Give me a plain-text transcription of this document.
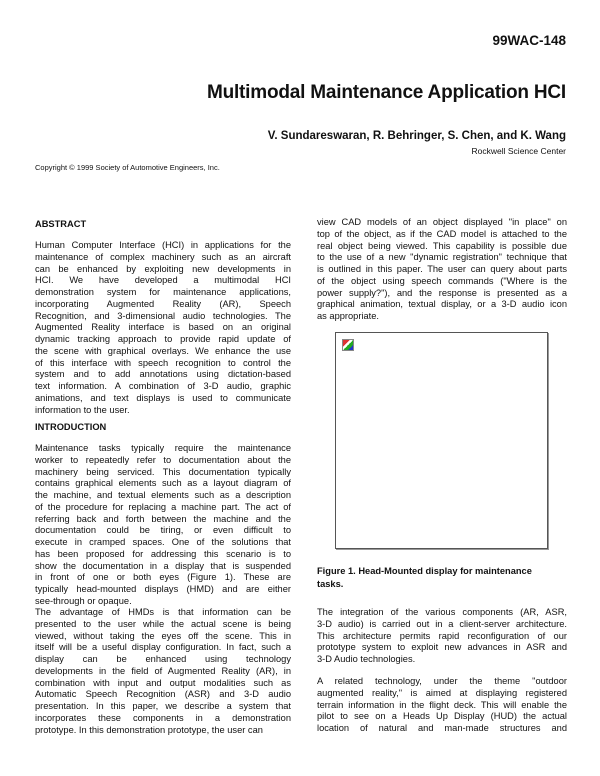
99WAC-148
Multimodal Maintenance Application HCI
V. Sundareswaran, R. Behringer, S. Chen, and K. Wang
Rockwell Science Center
Copyright © 1999 Society of Automotive Engineers, Inc.
ABSTRACT
Human Computer Interface (HCI) in applications for the
maintenance of complex machinery such as an aircraft
can be enhanced by exploiting new developments in
HCI. We have developed a multimodal HCI
demonstration system for maintenance applications,
incorporating Augmented Reality (AR), Speech
Recognition, and 3-dimensional audio technologies. The
Augmented Reality interface is based on an original
dynamic tracking approach to provide rapid update of
the scene with graphical overlays. We enhance the use
of this interface with speech recognition to control the
system and to add annotations using dictation-based
text information. A combination of 3-D audio, graphic
animations, and text displays is used to communicate
information to the user.
INTRODUCTION
Maintenance tasks typically require the maintenance
worker to repeatedly refer to documentation about the
machinery being serviced. This documentation typically
contains graphical elements such as a layout diagram of
the machine, and textual elements such as a description
of the procedure for replacing a machine part. The act of
referring back and forth between the machine and the
documentation could be tiring, or even difficult to
execute in cramped spaces. One of the solutions that
has been proposed for addressing this scenario is to
show the documentation in a display that is suspended
in front of one or both eyes (Figure 1). These are
typically head-mounted displays (HMD) and are either
see-through or opaque.
The advantage of HMDs is that information can be
presented to the user while the actual scene is being
viewed, without taking the eyes off the scene. This in
itself will be a useful display configuration. In fact, such a
display can be enhanced using technology
developments in the field of Augmented Reality (AR), in
combination with input and output modalities such as
Automatic Speech Recognition (ASR) and 3-D audio
presentation. In this paper, we describe a system that
incorporates these components in a demonstration
prototype. In this demonstration prototype, the user can
view CAD models of an object displayed "in place" on
top of the object, as if the CAD model is attached to the
real object being viewed. This capability is possible due
to the use of a new "dynamic registration" technique that
is outlined in this paper. The user can query about parts
of the object using speech commands ("Where is the
power supply?"), and the response is presented as a
graphical animation, textual display, or a 3-D audio icon
as appropriate.
Figure 1. Head-Mounted display for maintenance tasks.
The integration of the various components (AR, ASR,
3-D audio) is carried out in a client-server architecture.
This architecture permits rapid reconfiguration of our
prototype system to exploit new advances in ASR and
3-D Audio technologies.
A related technology, under the theme "outdoor
augmented reality," is aimed at displaying registered
terrain information in the flight deck. This will enable the
pilot to see on a Heads Up Display (HUD) the actual
location of natural and man-made structures and
